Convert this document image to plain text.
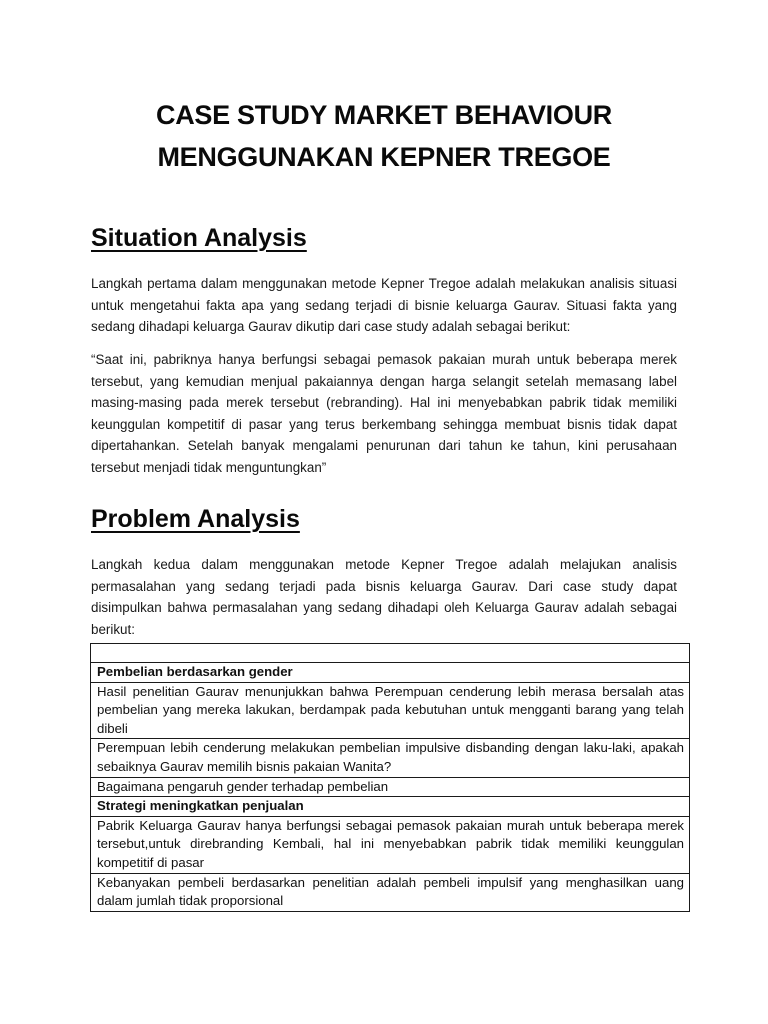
CASE STUDY MARKET BEHAVIOUR
MENGGUNAKAN KEPNER TREGOE
Situation Analysis

Langkah pertama dalam menggunakan metode Kepner Tregoe adalah melakukan analisis situasi untuk mengetahui fakta apa yang sedang terjadi di bisnie keluarga Gaurav. Situasi fakta yang sedang dihadapi keluarga Gaurav dikutip dari case study adalah sebagai berikut:

“Saat ini, pabriknya hanya berfungsi sebagai pemasok pakaian murah untuk beberapa merek tersebut, yang kemudian menjual pakaiannya dengan harga selangit setelah memasang label masing-masing pada merek tersebut (rebranding). Hal ini menyebabkan pabrik tidak memiliki keunggulan kompetitif di pasar yang terus berkembang sehingga membuat bisnis tidak dapat dipertahankan. Setelah banyak mengalami penurunan dari tahun ke tahun, kini perusahaan tersebut menjadi tidak menguntungkan”

Problem Analysis

Langkah kedua dalam menggunakan metode Kepner Tregoe adalah melajukan analisis permasalahan yang sedang terjadi pada bisnis keluarga Gaurav. Dari case study dapat disimpulkan bahwa permasalahan yang sedang dihadapi oleh Keluarga Gaurav adalah sebagai berikut:

Pembelian berdasarkan gender
Hasil penelitian Gaurav menunjukkan bahwa Perempuan cenderung lebih merasa bersalah atas pembelian yang mereka lakukan, berdampak pada kebutuhan untuk mengganti barang yang telah dibeli
Perempuan lebih cenderung melakukan pembelian impulsive disbanding dengan laku-laki, apakah sebaiknya Gaurav memilih bisnis pakaian Wanita?
Bagaimana pengaruh gender terhadap pembelian
Strategi meningkatkan penjualan
Pabrik Keluarga Gaurav hanya berfungsi sebagai pemasok pakaian murah untuk beberapa merek tersebut,untuk direbranding Kembali, hal ini menyebabkan pabrik tidak memiliki keunggulan kompetitif di pasar
Kebanyakan pembeli berdasarkan penelitian adalah pembeli impulsif yang menghasilkan uang dalam jumlah tidak proporsional
